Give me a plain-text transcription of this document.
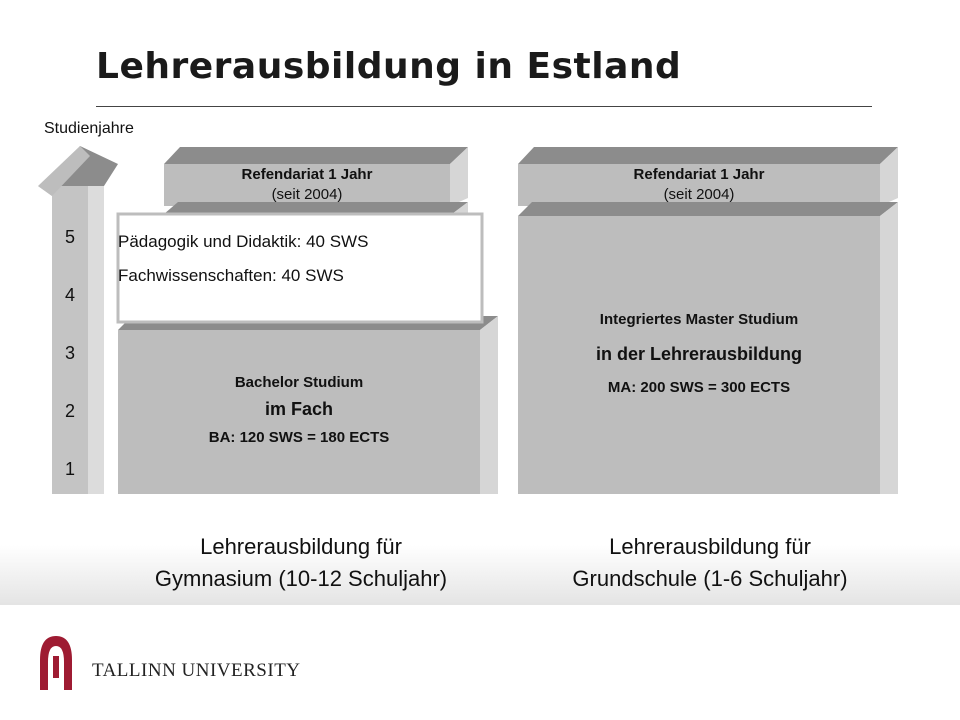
Lehrerausbildung in Estland
Studienjahre
5
4
3
2
1
Refendariat 1 Jahr
(seit 2004)
Pädagogik und Didaktik: 40 SWS
Fachwissenschaften: 40 SWS
Bachelor Studium
im Fach
BA: 120 SWS = 180 ECTS
Refendariat 1 Jahr
(seit 2004)
Integriertes Master Studium
in der Lehrerausbildung
MA: 200 SWS = 300 ECTS
Lehrerausbildung für
Gymnasium (10-12 Schuljahr)
Lehrerausbildung für
Grundschule (1-6 Schuljahr)
TALLINN UNIVERSITY
